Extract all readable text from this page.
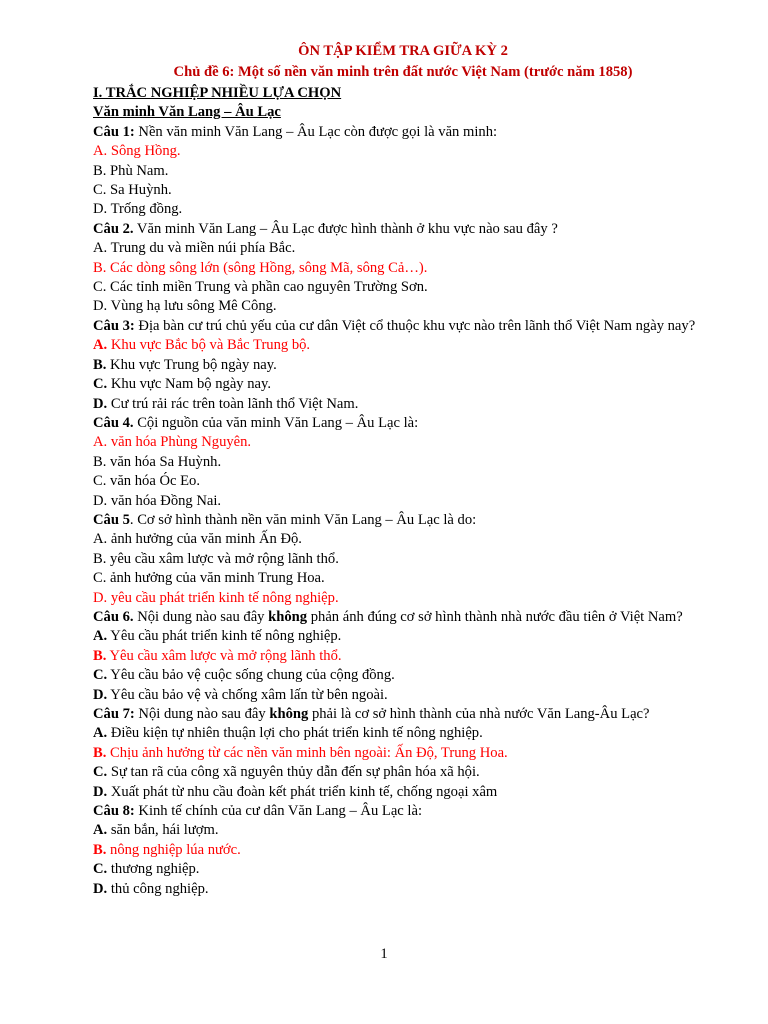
ÔN TẬP KIỂM TRA GIỮA KỲ 2
Chủ đề 6: Một số nền văn minh trên đất nước Việt Nam (trước năm 1858)
I. TRẮC NGHIỆP NHIỀU LỰA CHỌN
Văn minh Văn Lang – Âu Lạc
Câu 1: Nền văn minh Văn Lang – Âu Lạc còn được gọi là văn minh:
A. Sông Hồng.
B. Phù Nam.
C. Sa Huỳnh.
D. Trống đồng.
Câu 2. Văn minh Văn Lang – Âu Lạc được hình thành ở khu vực nào sau đây ?
A. Trung du và miền núi phía Bắc.
B. Các dòng sông lớn (sông Hồng, sông Mã, sông Cả…).
C. Các tỉnh miền Trung và phần cao nguyên Trường Sơn.
D. Vùng hạ lưu sông Mê Công.
Câu 3: Địa bàn cư trú chủ yếu của cư dân Việt cổ thuộc khu vực nào trên lãnh thổ Việt Nam ngày nay?
A. Khu vực Bắc bộ và Bắc Trung bộ.
B. Khu vực Trung bộ ngày nay.
C. Khu vực Nam bộ ngày nay.
D. Cư trú rải rác trên toàn lãnh thổ Việt Nam.
Câu 4. Cội nguồn của văn minh Văn Lang – Âu Lạc là:
A. văn hóa Phùng Nguyên.
B. văn hóa Sa Huỳnh.
C. văn hóa Óc Eo.
D. văn hóa Đồng Nai.
Câu 5. Cơ sở hình thành nền văn minh Văn Lang – Âu Lạc là do:
A. ảnh hưởng của văn minh Ấn Độ.
B. yêu cầu xâm lược và mở rộng lãnh thổ.
C. ảnh hưởng của văn minh Trung Hoa.
D. yêu cầu phát triển kinh tế nông nghiệp.
Câu 6. Nội dung nào sau đây không phản ánh đúng cơ sở hình thành nhà nước đầu tiên ở Việt Nam?
A. Yêu cầu phát triển kinh tế nông nghiệp.
B. Yêu cầu xâm lược và mở rộng lãnh thổ.
C. Yêu cầu bảo vệ cuộc sống chung của cộng đồng.
D. Yêu cầu bảo vệ và chống xâm lấn từ bên ngoài.
Câu 7: Nội dung nào sau đây không phải là cơ sở hình thành của nhà nước Văn Lang-Âu Lạc?
A. Điều kiện tự nhiên thuận lợi cho phát triển kinh tế nông nghiệp.
B. Chịu ảnh hưởng từ các nền văn minh bên ngoài: Ấn Độ, Trung Hoa.
C. Sự tan rã của công xã nguyên thủy dẫn đến sự phân hóa xã hội.
D. Xuất phát từ nhu cầu đoàn kết phát triển kinh tế, chống ngoại xâm
Câu 8: Kinh tế chính của cư dân Văn Lang – Âu Lạc là:
A. săn bắn, hái lượm.
B. nông nghiệp lúa nước.
C. thương nghiệp.
D. thủ công nghiệp.
1
